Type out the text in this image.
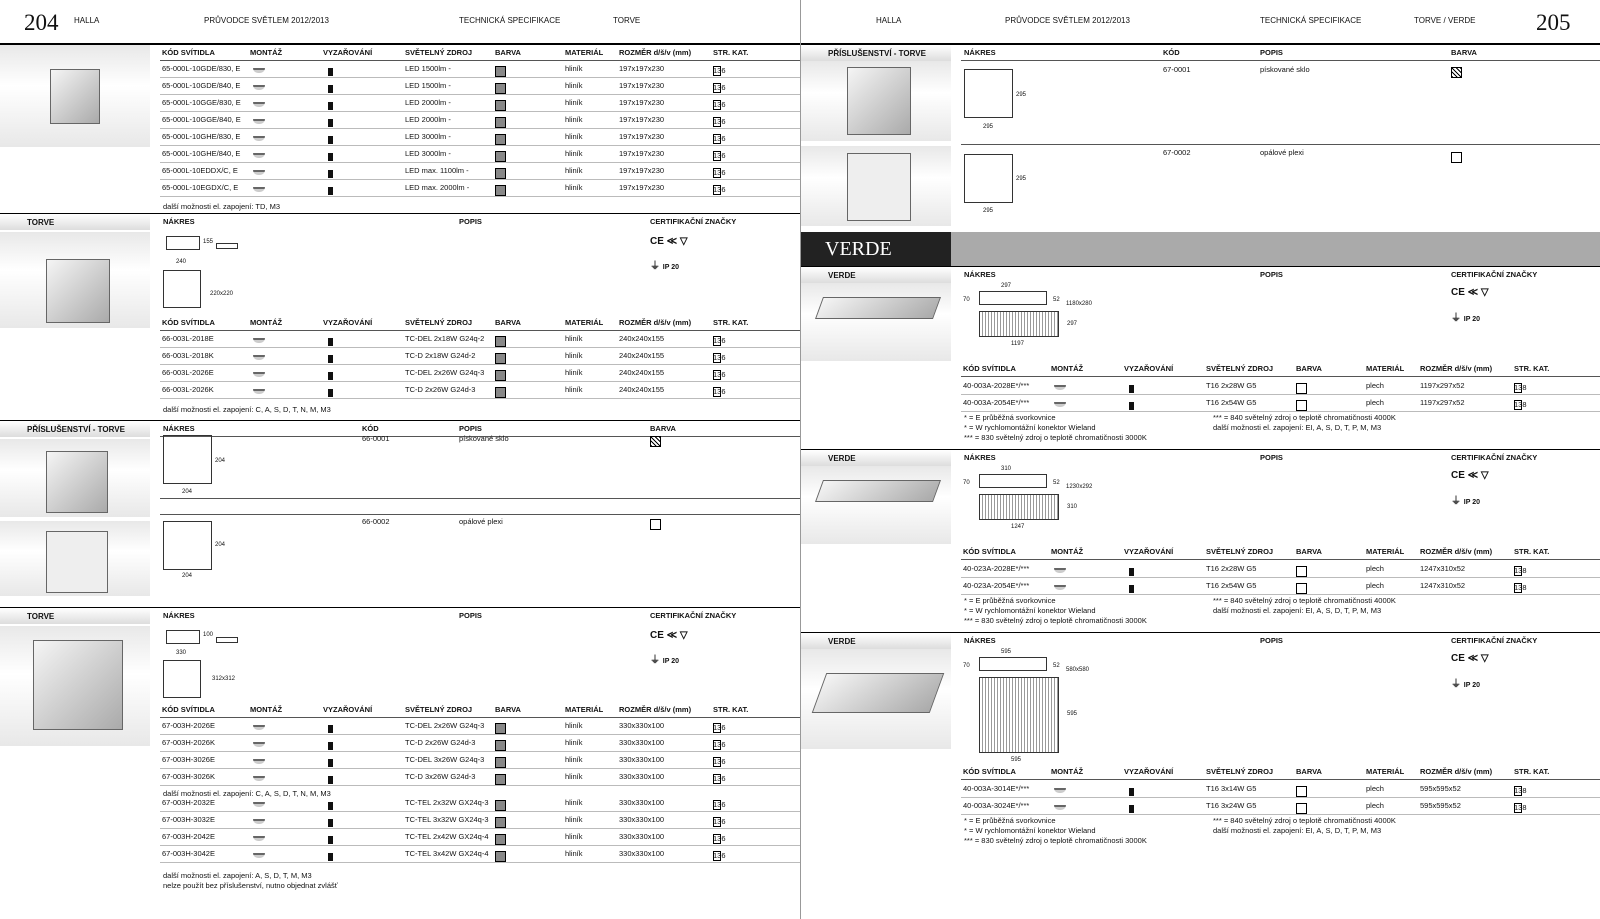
204 HALLA	PRŮVODCE SVĚTLEM 2012/2013	TECHNICKÁ SPECIFIKACE	TORVE
KÓD SVÍTIDLA	MONTÁŽ	VYZAŘOVÁNÍ	SVĚTELNÝ ZDROJ	BARVA	MATERIÁL ROZMĚR d/š/v (mm)	STR. KAT.
další možnosti el. zapojení: TD, M3
65-000L-10GDE/830, E	LED 1500lm -	hliník	197x197x230	136
65-000L-10GDE/840, E	LED 1500lm -	hliník	197x197x230	136
65-000L-10GGE/830, E	LED 2000lm -	hliník	197x197x230	136
65-000L-10GGE/840, E	LED 2000lm -	hliník	197x197x230	136
65-000L-10GHE/830, E	LED 3000lm -	hliník	197x197x230	136
65-000L-10GHE/840, E	LED 3000lm -	hliník	197x197x230	136
65-000L-10EDDX/C, E	LED max. 1100lm -	hliník	197x197x230	136
65-000L-10EGDX/C, E	LED max. 2000lm -	hliník	197x197x230	136
TORVE	NÁKRES	POPIS	CERTIFIKAČNÍ ZNAČKY
155
240
220x220
CE ≪ ▽
⏚ IP 20
KÓD SVÍTIDLA	MONTÁŽ	VYZAŘOVÁNÍ	SVĚTELNÝ ZDROJ	BARVA	MATERIÁL ROZMĚR d/š/v (mm)	STR. KAT.
další možnosti el. zapojení: C, A, S, D, T, N, M, M3
66-003L-2018E	TC-DEL 2x18W G24q-2	hliník	240x240x155	136
66-003L-2018K	TC-D 2x18W G24d-2	hliník	240x240x155	136
66-003L-2026E	TC-DEL 2x26W G24q-3	hliník	240x240x155	136
66-003L-2026K	TC-D 2x26W G24d-3	hliník	240x240x155	136
PŘÍSLUŠENSTVÍ - TORVE	NÁKRES	KÓD	POPIS	BARVA
66-0001	pískované sklo
204
204
66-0002	opálové plexi
204
204
TORVE	NÁKRES	POPIS	CERTIFIKAČNÍ ZNAČKY
100
330
312x312
CE ≪ ▽
⏚ IP 20
KÓD SVÍTIDLA	MONTÁŽ	VYZAŘOVÁNÍ	SVĚTELNÝ ZDROJ	BARVA	MATERIÁL ROZMĚR d/š/v (mm)	STR. KAT.
další možnosti el. zapojení: C, A, S, D, T, N, M, M3
další možnosti el. zapojení: A, S, D, T, M, M3
nelze použít bez příslušenství, nutno objednat zvlášť
67-003H-2026E	TC-DEL 2x26W G24q-3	hliník	330x330x100	136
67-003H-2026K	TC-D 2x26W G24d-3	hliník	330x330x100	136
67-003H-3026E	TC-DEL 3x26W G24q-3	hliník	330x330x100	136
67-003H-3026K	TC-D 3x26W G24d-3	hliník	330x330x100	136
67-003H-2032E	TC-TEL 2x32W GX24q-3	hliník	330x330x100	136
67-003H-3032E	TC-TEL 3x32W GX24q-3	hliník	330x330x100	136
67-003H-2042E	TC-TEL 2x42W GX24q-4	hliník	330x330x100	136
67-003H-3042E	TC-TEL 3x42W GX24q-4	hliník	330x330x100	136
HALLA	PRŮVODCE SVĚTLEM 2012/2013	TECHNICKÁ SPECIFIKACE	TORVE / VERDE	205
PŘÍSLUŠENSTVÍ - TORVE	NÁKRES	KÓD	POPIS	BARVA
67-0001	pískované sklo
295
295
67-0002	opálové plexi
295
295
VERDE
VERDE	NÁKRES	POPIS	CERTIFIKAČNÍ ZNAČKY
297
70	52
1180x280
297
1197
CE ≪ ▽
⏚ IP 20
KÓD SVÍTIDLA	MONTÁŽ	VYZAŘOVÁNÍ	SVĚTELNÝ ZDROJ	BARVA	MATERIÁL ROZMĚR d/š/v (mm)	STR. KAT.
* = E průběžná svorkovnice
* = W rychlomontážní konektor Wieland
*** = 830 světelný zdroj o teplotě chromatičnosti 3000K
*** = 840 světelný zdroj o teplotě chromatičnosti 4000K
další možnosti el. zapojení: EI, A, S, D, T, P, M, M3
40-003A-2028E*/***	T16 2x28W G5	plech	1197x297x52	138
40-003A-2054E*/***	T16 2x54W G5	plech	1197x297x52	138
VERDE	NÁKRES	POPIS	CERTIFIKAČNÍ ZNAČKY
310
70	52
1230x292
310
1247
CE ≪ ▽
⏚ IP 20
KÓD SVÍTIDLA	MONTÁŽ	VYZAŘOVÁNÍ	SVĚTELNÝ ZDROJ	BARVA	MATERIÁL ROZMĚR d/š/v (mm)	STR. KAT.
* = E průběžná svorkovnice
* = W rychlomontážní konektor Wieland
*** = 830 světelný zdroj o teplotě chromatičnosti 3000K
*** = 840 světelný zdroj o teplotě chromatičnosti 4000K
další možnosti el. zapojení: EI, A, S, D, T, P, M, M3
40-023A-2028E*/***	T16 2x28W G5	plech	1247x310x52	138
40-023A-2054E*/***	T16 2x54W G5	plech	1247x310x52	138
VERDE	NÁKRES	POPIS	CERTIFIKAČNÍ ZNAČKY
595
70	52
580x580
595
595
CE ≪ ▽
⏚ IP 20
KÓD SVÍTIDLA	MONTÁŽ	VYZAŘOVÁNÍ	SVĚTELNÝ ZDROJ	BARVA	MATERIÁL ROZMĚR d/š/v (mm)	STR. KAT.
* = E průběžná svorkovnice
* = W rychlomontážní konektor Wieland
*** = 830 světelný zdroj o teplotě chromatičnosti 3000K
*** = 840 světelný zdroj o teplotě chromatičnosti 4000K
další možnosti el. zapojení: EI, A, S, D, T, P, M, M3
40-003A-3014E*/***	T16 3x14W G5	plech	595x595x52	138
40-003A-3024E*/***	T16 3x24W G5	plech	595x595x52	138
